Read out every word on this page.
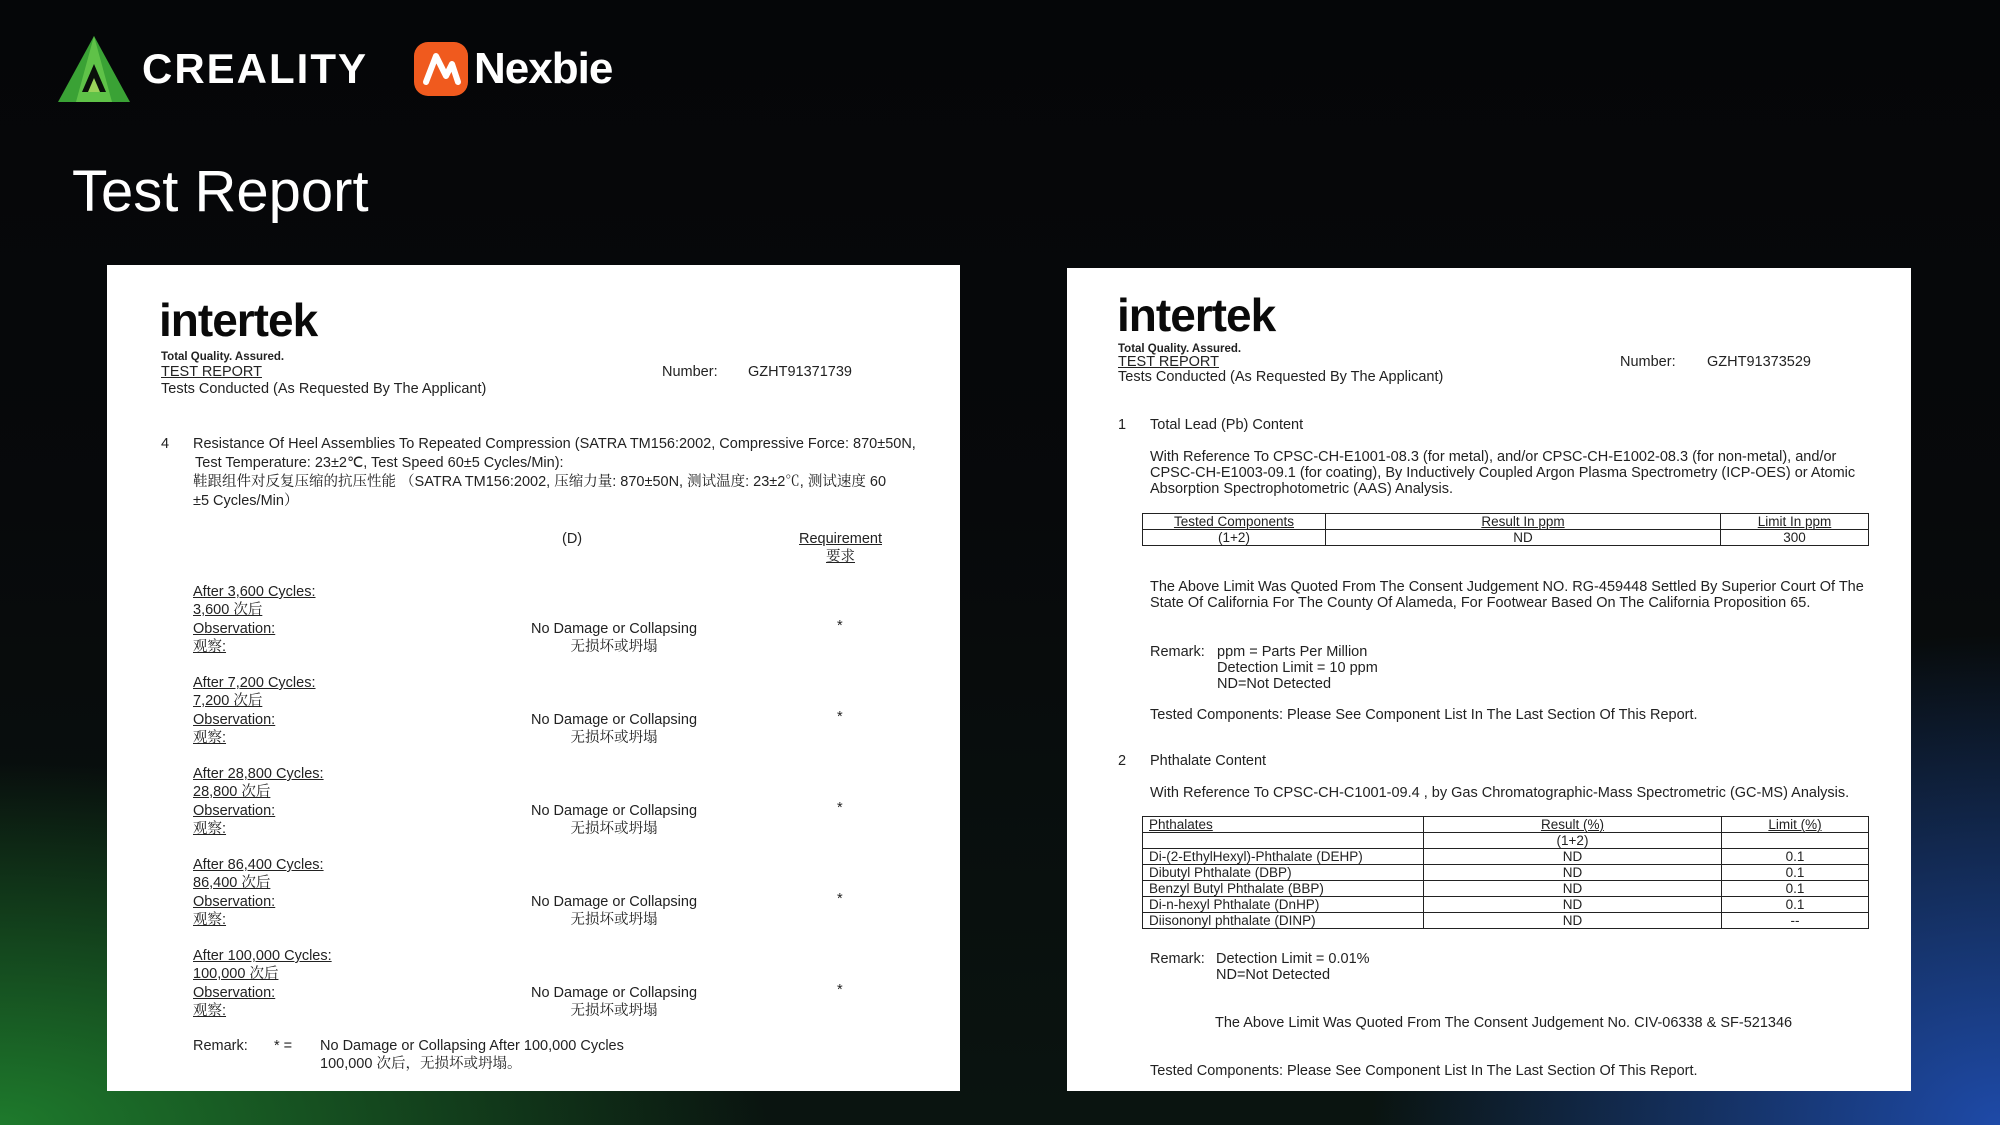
CREALITY Nexbie
Test Report
intertek
Total Quality. Assured.
TEST REPORT
Tests Conducted (As Requested By The Applicant)
Number: GZHT91371739
4 Resistance Of Heel Assemblies To Repeated Compression (SATRA TM156:2002, Compressive Force: 870±50N,
Test Temperature: 23±2℃, Test Speed 60±5 Cycles/Min):
鞋跟组件对反复压缩的抗压性能 （SATRA TM156:2002, 压缩力量: 870±50N, 测试温度: 23±2℃, 测试速度 60
±5 Cycles/Min）
(D)	Requirement
要求
After 3,600 Cycles:
3,600 次后
Observation:
观察:
No Damage or Collapsing
无损坏或坍塌
*
After 7,200 Cycles:
7,200 次后
Observation:
观察:
No Damage or Collapsing
无损坏或坍塌
*
After 28,800 Cycles:
28,800 次后
Observation:
观察:
No Damage or Collapsing
无损坏或坍塌
*
After 86,400 Cycles:
86,400 次后
Observation:
观察:
No Damage or Collapsing
无损坏或坍塌
*
After 100,000 Cycles:
100,000 次后
Observation:
观察:
No Damage or Collapsing
无损坏或坍塌
*
Remark: * = No Damage or Collapsing After 100,000 Cycles
100,000 次后，无损坏或坍塌。
intertek
Total Quality. Assured.
TEST REPORT
Tests Conducted (As Requested By The Applicant)
Number: GZHT91373529
1 Total Lead (Pb) Content
With Reference To CPSC-CH-E1001-08.3 (for metal), and/or CPSC-CH-E1002-08.3 (for non-metal), and/or
CPSC-CH-E1003-09.1 (for coating), By Inductively Coupled Argon Plasma Spectrometry (ICP-OES) or Atomic
Absorption Spectrophotometric (AAS) Analysis.
Tested Components	Result In ppm	Limit In ppm
(1+2)	ND	300
The Above Limit Was Quoted From The Consent Judgement NO. RG-459448 Settled By Superior Court Of The
State Of California For The County Of Alameda, For Footwear Based On The California Proposition 65.
Remark: ppm = Parts Per Million
Detection Limit = 10 ppm
ND=Not Detected
Tested Components: Please See Component List In The Last Section Of This Report.
2 Phthalate Content
With Reference To CPSC-CH-C1001-09.4 , by Gas Chromatographic-Mass Spectrometric (GC-MS) Analysis.
Phthalates	Result (%)	Limit (%)
	(1+2)	
Di-(2-EthylHexyl)-Phthalate (DEHP)	ND	0.1
Dibutyl Phthalate (DBP)	ND	0.1
Benzyl Butyl Phthalate (BBP)	ND	0.1
Di-n-hexyl Phthalate (DnHP)	ND	0.1
Diisononyl phthalate (DINP)	ND	--
Remark: Detection Limit = 0.01%
ND=Not Detected
The Above Limit Was Quoted From The Consent Judgement No. CIV-06338 & SF-521346
Tested Components: Please See Component List In The Last Section Of This Report.
